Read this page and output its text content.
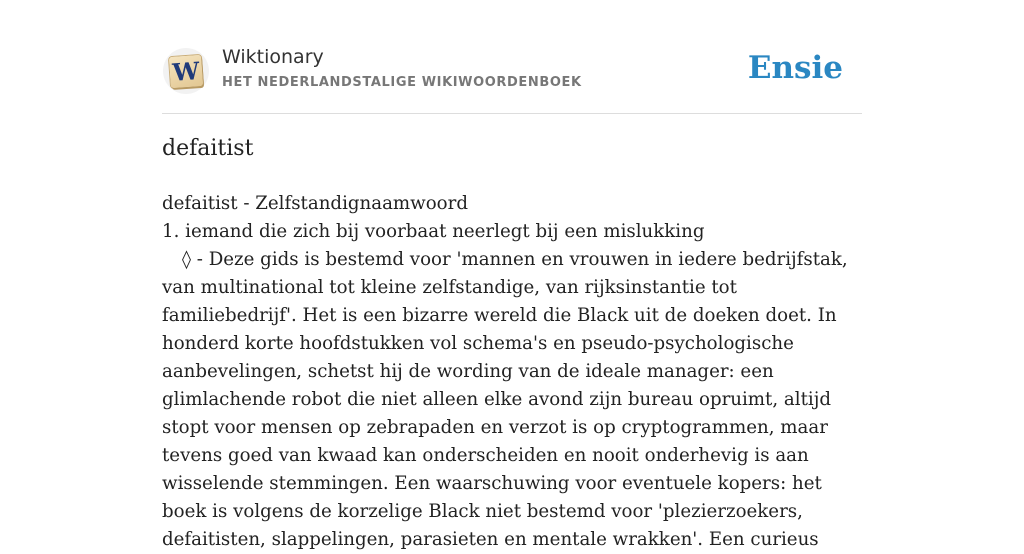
W Wiktionary
HET NEDERLANDSTALIGE WIKIWOORDENBOEK	Ensie
defaitist
defaitist - Zelfstandignaamwoord
1. iemand die zich bij voorbaat neerlegt bij een mislukking
◊ - Deze gids is bestemd voor 'mannen en vrouwen in iedere bedrijfstak, van multinational tot kleine zelfstandige, van rijksinstantie tot familiebedrijf'. Het is een bizarre wereld die Black uit de doeken doet. In honderd korte hoofdstukken vol schema's en pseudo-psychologische aanbevelingen, schetst hij de wording van de ideale manager: een glimlachende robot die niet alleen elke avond zijn bureau opruimt, altijd stopt voor mensen op zebrapaden en verzot is op cryptogrammen, maar tevens goed van kwaad kan onderscheiden en nooit onderhevig is aan wisselende stemmingen. Een waarschuwing voor eventuele kopers: het boek is volgens de korzelige Black niet bestemd voor 'plezierzoekers, defaitisten, slappelingen, parasieten en mentale wrakken'. Een curieus
